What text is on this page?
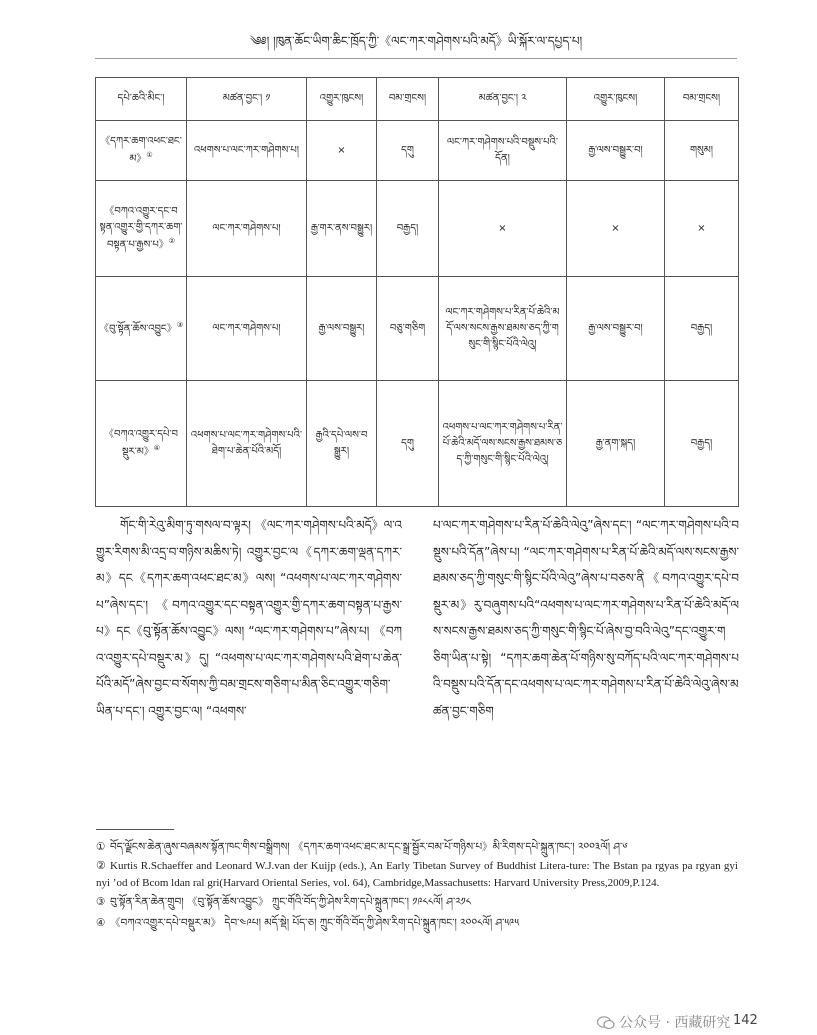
༄༅། །ཁུན་ཆོང་ཡིག་ཆིང་ཁྲོད་ཀྱི་《ལང་ཀར་གཤེགས་པའི་མདོ》ཡི་སྐོར་ལ་དཔྱད་པ།
དཔེ་ཆའི་མིང་།	མཚན་བྱང་། ༡	འགྱུར་ཁུངས།	བམ་གྲངས།	མཚན་བྱང་། ༢	འགྱུར་ཁུངས།	བམ་གྲངས།
《དཀར་ཆག་འཕང་ཐང་མ》①	འཕགས་པ་ལང་ཀར་གཤེགས་པ།	×	དགུ	ལང་ཀར་གཤེགས་པའི་བསྡུས་པའི་དོན།	རྒྱ་ལས་བསྒྱུར་བ།	གསུམ།
《བཀའ་འགྱུར་དང་བསྟན་འགྱུར་གྱི་དཀར་ཆག་བསྟན་པ་རྒྱས་པ》②	ལང་ཀར་གཤེགས་པ།	རྒྱ་གར་ནས་བསྒྱུར།	བརྒྱད།	×	×	×
《བུ་སྟོན་ཆོས་འབྱུང》③	ལང་ཀར་གཤེགས་པ།	རྒྱ་ལས་བསྒྱུར།	བཅུ་གཅིག	ལང་ཀར་གཤེགས་པ་རིན་པོ་ཆེའི་མདོ་ལས་སངས་རྒྱས་ཐམས་ཅད་ཀྱི་གསུང་གི་སྙིང་པོའི་ལེའུ།	རྒྱ་ལས་བསྒྱུར་བ།	བརྒྱད།
《བཀའ་འགྱུར་དཔེ་བསྡུར་མ》④	འཕགས་པ་ལང་ཀར་གཤེགས་པའི་ཐེག་པ་ཆེན་པོའི་མདོ།	རྒྱའི་དཔེ་ལས་བསྒྱུར།	དགུ	འཕགས་པ་ལང་ཀར་གཤེགས་པ་རིན་པོ་ཆེའི་མདོ་ལས་སངས་རྒྱས་ཐམས་ཅད་ཀྱི་གསུང་གི་སྙིང་པོའི་ལེའུ།	རྒྱ་ནག་སྐད།	བརྒྱད།
གོང་གི་རེའུ་མིག་ཏུ་གསལ་བ་ལྟར། 《ལང་ཀར་གཤེགས་པའི་མདོ》ལ་འགྱུར་རིགས་མི་འདྲ་བ་གཉིས་མཆིས་ཏེ། འགྱུར་བྱང་ལ《དཀར་ཆག་ལྡན་དཀར་མ》དང《དཀར་ཆག་འཕང་ཐང་མ》ལས། “འཕགས་པ་ལང་ཀར་གཤེགས་པ”ཞེས་དང་། 《བཀའ་འགྱུར་དང་བསྟན་འགྱུར་གྱི་དཀར་ཆག་བསྟན་པ་རྒྱས་པ》དང《བུ་སྟོན་ཆོས་འབྱུང》ལས། “ལང་ཀར་གཤེགས་པ”ཞེས་པ། 《བཀའ་འགྱུར་དཔེ་བསྡུར་མ》དུ། “འཕགས་པ་ལང་ཀར་གཤེགས་པའི་ཐེག་པ་ཆེན་པོའི་མདོ”ཞེས་བྱང་བ་སོགས་ཀྱི་བམ་གྲངས་གཅིག་པ་མིན་ཅིང་འགྱུར་གཅིག་ཡིན་པ་དང་། འགྱུར་བྱང་ལ། “འཕགས་
པ་ལང་ཀར་གཤེགས་པ་རིན་པོ་ཆེའི་ལེའུ”ཞེས་དང་། “ལང་ཀར་གཤེགས་པའི་བསྡུས་པའི་དོན”ཞེས་པ། “ལང་ཀར་གཤེགས་པ་རིན་པོ་ཆེའི་མདོ་ལས་སངས་རྒྱས་ཐམས་ཅད་ཀྱི་གསུང་གི་སྙིང་པོའི་ལེའུ”ཞེས་པ་བཅས་ནི《བཀའ་འགྱུར་དཔེ་བསྡུར་མ》རུ་བཞུགས་པའི“འཕགས་པ་ལང་ཀར་གཤེགས་པ་རིན་པོ་ཆེའི་མདོ་ལས་སངས་རྒྱས་ཐམས་ཅད་ཀྱི་གསུང་གི་སྙིང་པོ་ཞེས་བྱ་བའི་ལེའུ”དང་འགྱུར་གཅིག་ཡིན་པ་སྟེ། “དཀར་ཆག་ཆེན་པོ་གཉིས་སུ་བཀོད་པའི་ལང་ཀར་གཤེགས་པའི་བསྡུས་པའི་དོན་དང་འཕགས་པ་ལང་ཀར་གཤེགས་པ་རིན་པོ་ཆེའི་ལེའུ་ཞེས་མཚན་བྱང་གཅིག

① བོད་ལྗོངས་ཆེན་ཞུས་བཞམས་སྟོན་ཁང་གིས་བསྒྲིགས། 《དཀར་ཆག་འཕང་ཐང་མ་དང་སྒྲ་སྦྱོར་བམ་པོ་གཉིས་པ》མི་རིགས་དཔེ་སྐྲུན་ཁང་། ༢༠༠༣ལོ། ཤ་༦

② Kurtis R.Schaeffer and Leonard W.J.van der Kuijp (eds.), An Early Tibetan Survey of Buddhist Litera-ture: The Bstan pa rgyas pa rgyan gyi nyi ’od of Bcom ldan ral gri(Harvard Oriental Series, vol. 64), Cambridge,Massachusetts: Harvard University Press,2009,P.124.

③ བུ་སྟོན་རིན་ཆེན་གྲུབ། 《བུ་སྟོན་ཆོས་འབྱུང》 ཀྲུང་གོའི་བོད་ཀྱི་ཤེས་རིག་དཔེ་སྐྲུན་ཁང་། ༡༩༨༨ལོ། ཤ་༢༡༨

④ 《བཀའ་འགྱུར་དཔེ་བསྡུར་མ》 དེབ་༤༩པ། མདོ་སྡེ། པོད་ཅ། ཀྲུང་གོའི་བོད་ཀྱི་ཤེས་རིག་དཔེ་སྐྲུན་ཁང་། ༢༠༠༨ལོ། ཤ་༥༩༥

公众号 · 西藏研究 142
